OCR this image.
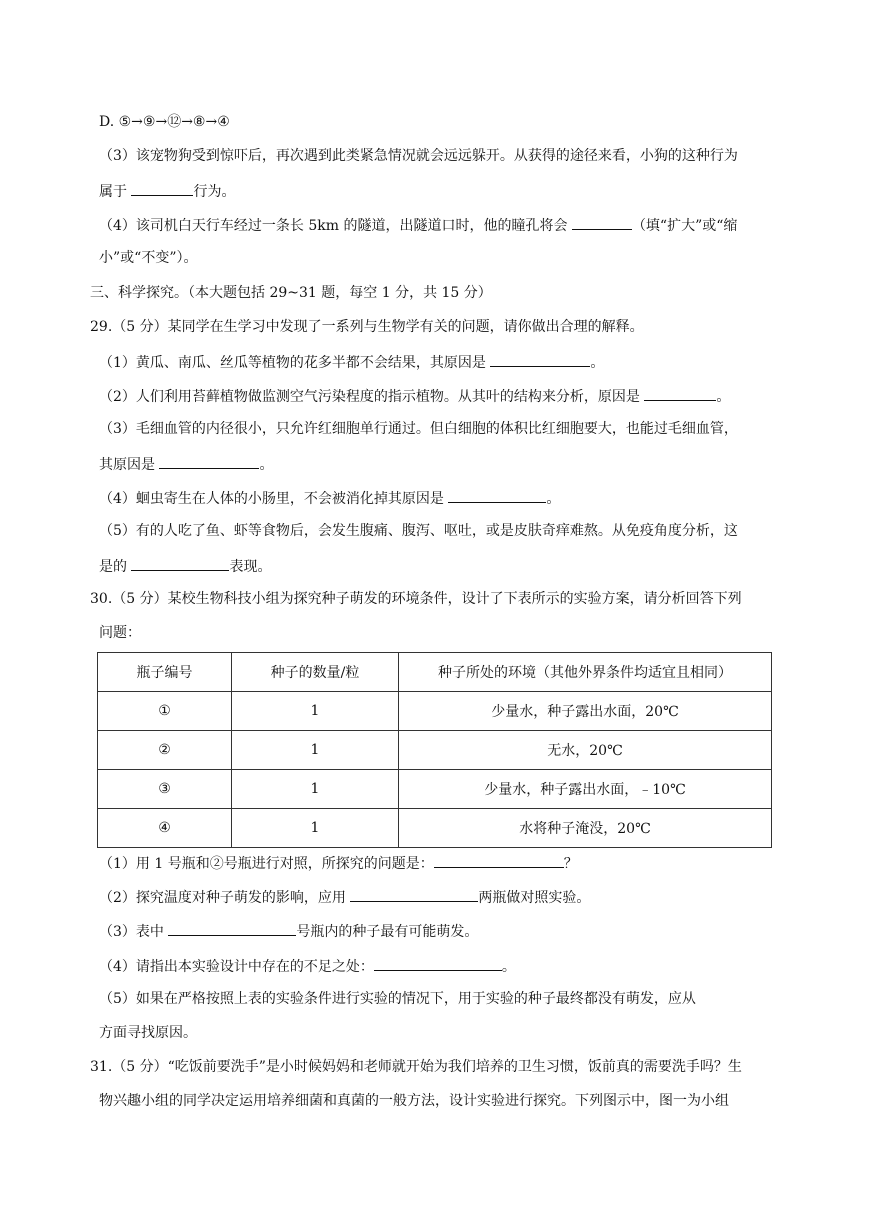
D. ⑤→⑨→⑫→⑧→④
（3）该宠物狗受到惊吓后，再次遇到此类紧急情况就会远远躲开。从获得的途径来看，小狗的这种行为
属于	行为。
（4）该司机白天行车经过一条长 5km 的隧道，出隧道口时，他的瞳孔将会	（填“扩大”或“缩
小”或“不变”）。
三、科学探究。（本大题包括 29~31 题，每空 1 分，共 15 分）
29.（5 分）某同学在生学习中发现了一系列与生物学有关的问题，请你做出合理的解释。
（1）黄瓜、南瓜、丝瓜等植物的花多半都不会结果，其原因是	。
（2）人们利用苔藓植物做监测空气污染程度的指示植物。从其叶的结构来分析，原因是	。
（3）毛细血管的内径很小，只允许红细胞单行通过。但白细胞的体积比红细胞要大，也能过毛细血管，
其原因是	。
（4）蛔虫寄生在人体的小肠里，不会被消化掉其原因是	。
（5）有的人吃了鱼、虾等食物后，会发生腹痛、腹泻、呕吐，或是皮肤奇痒难熬。从免疫角度分析，这
是的	表现。
30.（5 分）某校生物科技小组为探究种子萌发的环境条件，设计了下表所示的实验方案，请分析回答下列
问题：
瓶子编号	种子的数量/粒	种子所处的环境（其他外界条件均适宜且相同）
①	1	少量水，种子露出水面，20℃
②	1	无水，20℃
③	1	少量水，种子露出水面，﹣10℃
④	1	水将种子淹没，20℃
（1）用 1 号瓶和②号瓶进行对照，所探究的问题是：	？
（2）探究温度对种子萌发的影响，应用	两瓶做对照实验。
（3）表中	号瓶内的种子最有可能萌发。
（4）请指出本实验设计中存在的不足之处：	。
（5）如果在严格按照上表的实验条件进行实验的情况下，用于实验的种子最终都没有萌发，应从
方面寻找原因。
31.（5 分）“吃饭前要洗手”是小时候妈妈和老师就开始为我们培养的卫生习惯，饭前真的需要洗手吗？生
物兴趣小组的同学决定运用培养细菌和真菌的一般方法，设计实验进行探究。下列图示中，图一为小组
